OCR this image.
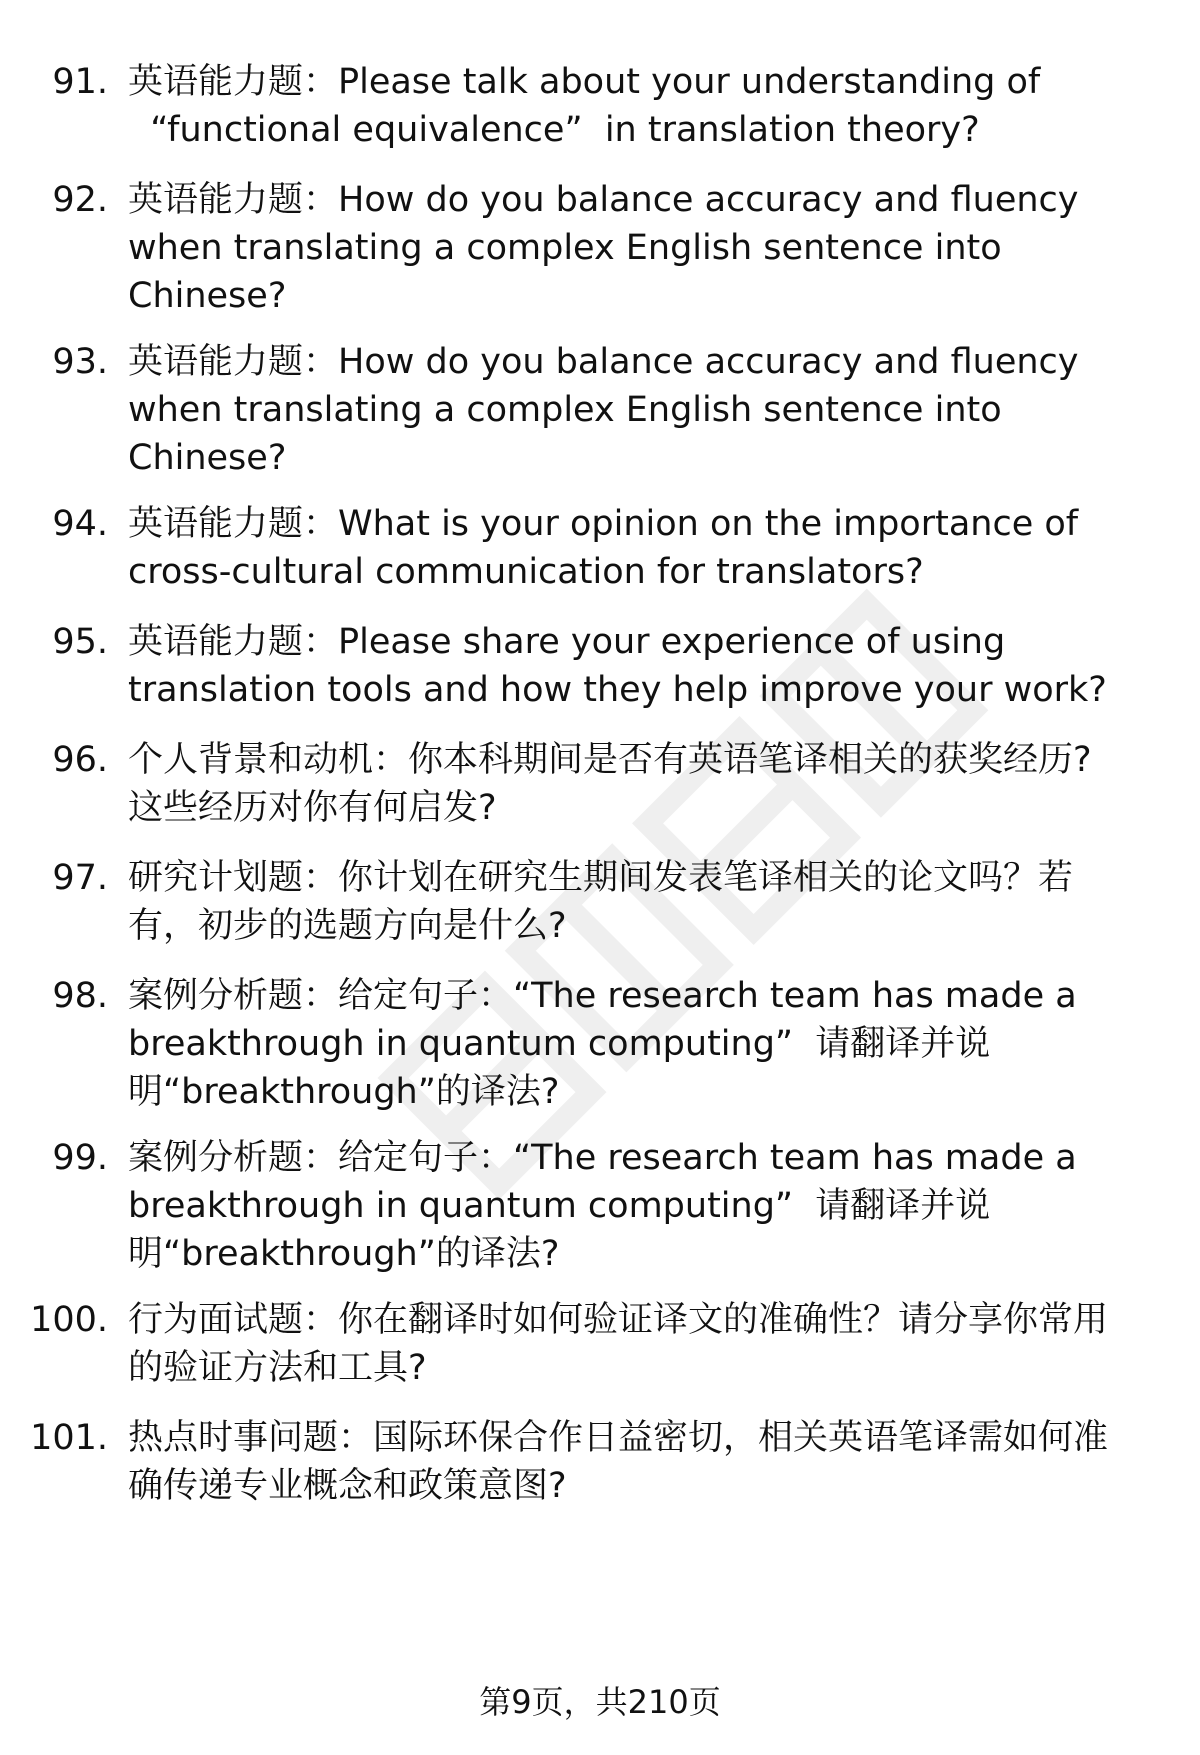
91. 英语能力题：Please talk about your understanding of
“functional equivalence”  in translation theory?
92. 英语能力题：How do you balance accuracy and fluency
when translating a complex English sentence into
Chinese?
93. 英语能力题：How do you balance accuracy and fluency
when translating a complex English sentence into
Chinese?
94. 英语能力题：What is your opinion on the importance of
cross-cultural communication for translators?
95. 英语能力题：Please share your experience of using
translation tools and how they help improve your work?
96. 个人背景和动机：你本科期间是否有英语笔译相关的获奖经历?
这些经历对你有何启发?
97. 研究计划题：你计划在研究生期间发表笔译相关的论文吗？若
有，初步的选题方向是什么?
98. 案例分析题：给定句子：“The research team has made a
breakthrough in quantum computing”  请翻译并说
明“breakthrough”的译法?
99. 案例分析题：给定句子：“The research team has made a
breakthrough in quantum computing”  请翻译并说
明“breakthrough”的译法?
100. 行为面试题：你在翻译时如何验证译文的准确性？请分享你常用
的验证方法和工具?
101. 热点时事问题：国际环保合作日益密切，相关英语笔译需如何准
确传递专业概念和政策意图?
第9页，共210页
